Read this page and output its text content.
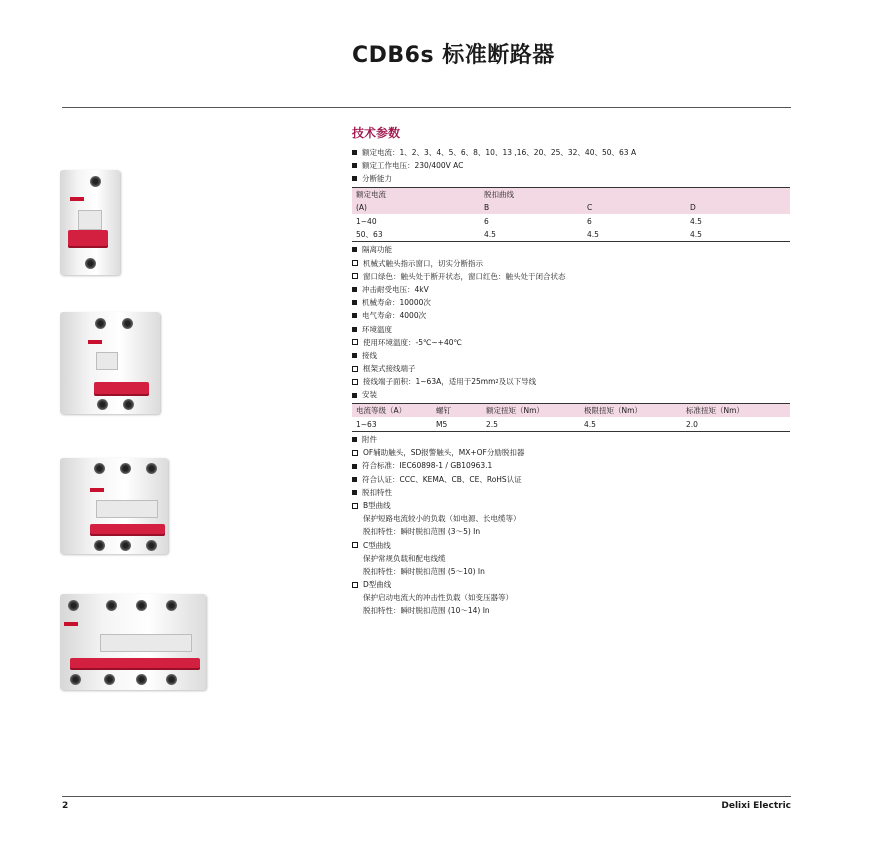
CDB6s 标准断路器
技术参数
额定电流：1、2、3、4、5、6、8、10、13 ,16、20、25、32、40、50、63 A
额定工作电压：230/400V AC
分断能力
额定电流	脱扣曲线		
(A)	B	C	D
1~40	6	6	4.5
50、63	4.5	4.5	4.5
隔离功能
机械式触头指示窗口，切实分断指示
窗口绿色：触头处于断开状态，窗口红色：触头处于闭合状态
冲击耐受电压：4kV
机械寿命：10000次
电气寿命：4000次
环境温度
使用环境温度：-5℃~+40℃
接线
框架式接线端子
接线端子面积：1~63A，适用于25mm 2 及以下导线
安装
电流等级（A）	螺钉	额定扭矩（Nm）	极限扭矩（Nm）	标准扭矩（Nm）
1~63	M5	2.5	4.5	2.0
附件
OF辅助触头，SD报警触头，MX+OF分励脱扣器
符合标准：IEC60898-1 / GB10963.1
符合认证：CCC、KEMA、CB、CE、RoHS认证
脱扣特性
B型曲线
保护短路电流较小的负载（如电源、长电缆等）
脱扣特性：瞬时脱扣范围 (3～5) In
C型曲线
保护常规负载和配电线缆
脱扣特性：瞬时脱扣范围 (5～10) In
D型曲线
保护启动电流大的冲击性负载（如变压器等）
脱扣特性：瞬时脱扣范围 (10～14) In
2	Delixi Electric
